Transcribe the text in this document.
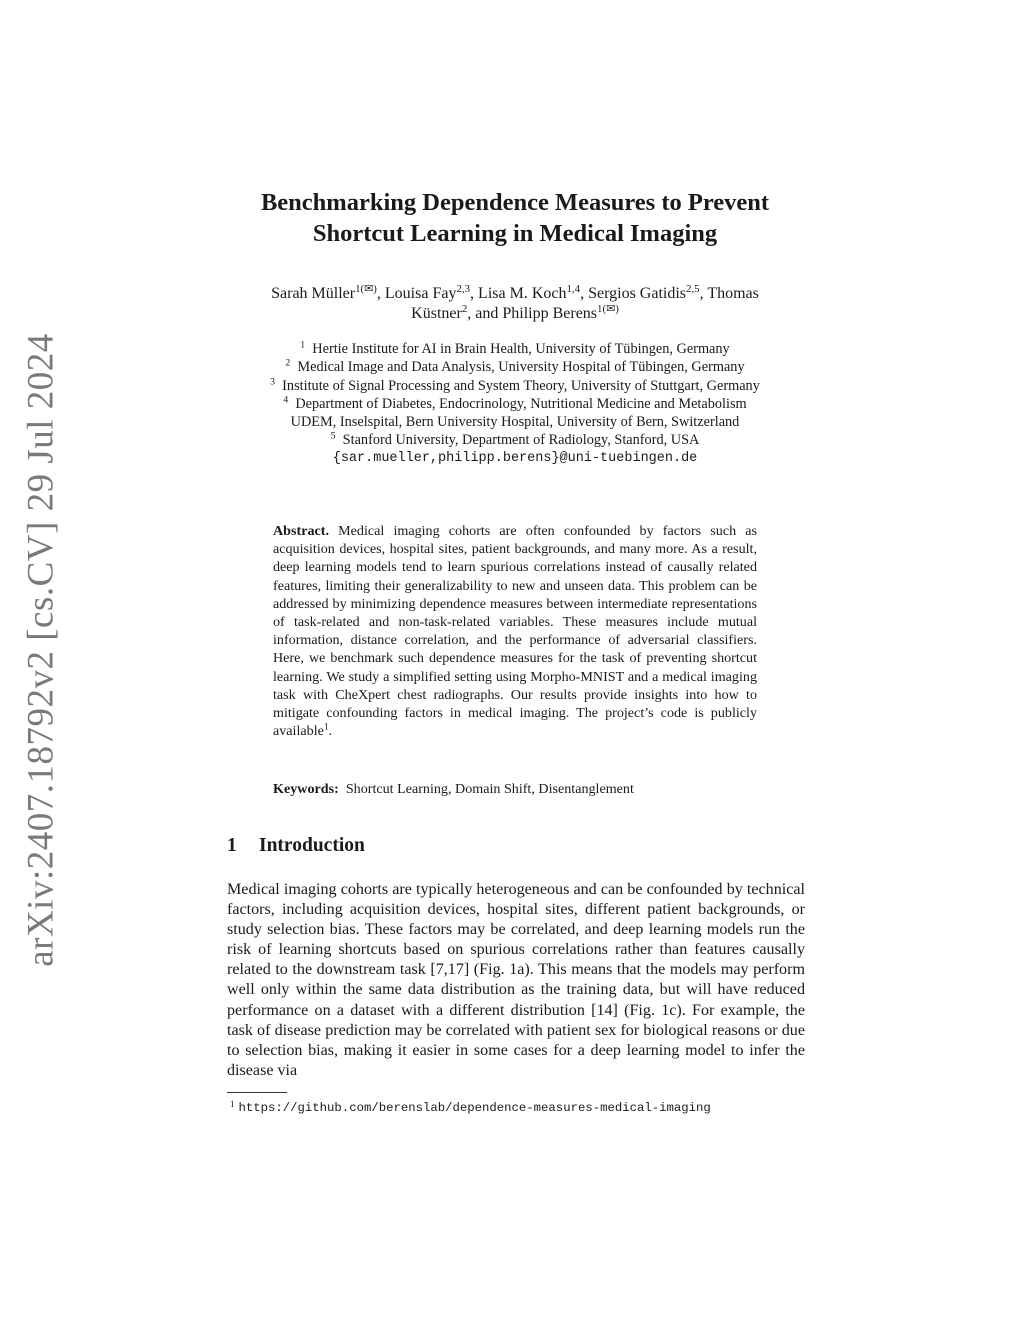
arXiv:2407.18792v2 [cs.CV] 29 Jul 2024
Benchmarking Dependence Measures to Prevent
Shortcut Learning in Medical Imaging
Sarah Müller$^{1(✉)}$, Louisa Fay$^{2,3}$, Lisa M. Koch$^{1,4}$, Sergios Gatidis$^{2,5}$, Thomas
Küstner$^2$, and Philipp Berens$^{1(✉)}$
$^1$ Hertie Institute for AI in Brain Health, University of Tübingen, Germany
$^2$ Medical Image and Data Analysis, University Hospital of Tübingen, Germany
$^3$ Institute of Signal Processing and System Theory, University of Stuttgart, Germany
$^4$ Department of Diabetes, Endocrinology, Nutritional Medicine and Metabolism
UDEM, Inselspital, Bern University Hospital, University of Bern, Switzerland
$^5$ Stanford University, Department of Radiology, Stanford, USA
{sar.mueller,philipp.berens}@uni-tuebingen.de

Abstract. Medical imaging cohorts are often confounded by factors such as acquisition devices, hospital sites, patient backgrounds, and many more. As a result, deep learning models tend to learn spurious correlations instead of causally related features, limiting their generalizability to new and unseen data. This problem can be addressed by minimizing dependence measures between intermediate representations of task-related and non-task-related variables. These measures include mutual information, distance correlation, and the performance of adversarial classifiers. Here, we benchmark such dependence measures for the task of preventing shortcut learning. We study a simplified setting using Morpho-MNIST and a medical imaging task with CheXpert chest radiographs. Our results provide insights into how to mitigate confounding factors in medical imaging. The project’s code is publicly available$^1$.

Keywords: Shortcut Learning, Domain Shift, Disentanglement
1 Introduction

Medical imaging cohorts are typically heterogeneous and can be confounded by technical factors, including acquisition devices, hospital sites, different patient backgrounds, or study selection bias. These factors may be correlated, and deep learning models run the risk of learning shortcuts based on spurious correlations rather than features causally related to the downstream task [7,17] (Fig. 1a). This means that the models may perform well only within the same data distribution as the training data, but will have reduced performance on a dataset with a different distribution [14] (Fig. 1c). For example, the task of disease prediction may be correlated with patient sex for biological reasons or due to selection bias, making it easier in some cases for a deep learning model to infer the disease via

$^1$ https://github.com/berenslab/dependence-measures-medical-imaging
